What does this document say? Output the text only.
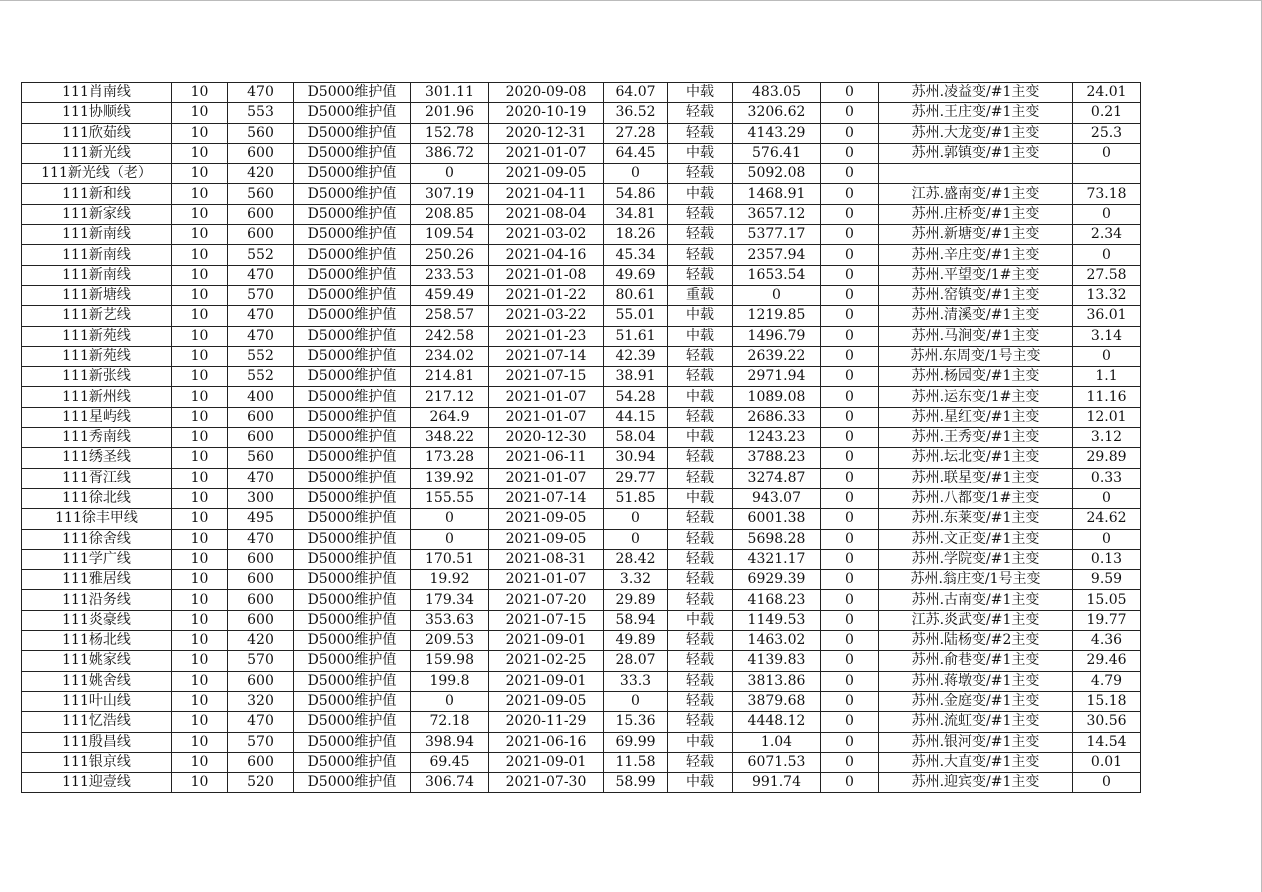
111肖南线	10	470	D5000维护值	301.11	2020-09-08	64.07	中载	483.05	0	苏州.凌益变/#1主变	24.01
111协顺线	10	553	D5000维护值	201.96	2020-10-19	36.52	轻载	3206.62	0	苏州.王庄变/#1主变	0.21
111欣茹线	10	560	D5000维护值	152.78	2020-12-31	27.28	轻载	4143.29	0	苏州.大龙变/#1主变	25.3
111新光线	10	600	D5000维护值	386.72	2021-01-07	64.45	中载	576.41	0	苏州.郭镇变/#1主变	0
111新光线（老）	10	420	D5000维护值	0	2021-09-05	0	轻载	5092.08	0		
111新和线	10	560	D5000维护值	307.19	2021-04-11	54.86	中载	1468.91	0	江苏.盛南变/#1主变	73.18
111新家线	10	600	D5000维护值	208.85	2021-08-04	34.81	轻载	3657.12	0	苏州.庄桥变/#1主变	0
111新南线	10	600	D5000维护值	109.54	2021-03-02	18.26	轻载	5377.17	0	苏州.新塘变/#1主变	2.34
111新南线	10	552	D5000维护值	250.26	2021-04-16	45.34	轻载	2357.94	0	苏州.辛庄变/#1主变	0
111新南线	10	470	D5000维护值	233.53	2021-01-08	49.69	轻载	1653.54	0	苏州.平望变/1#主变	27.58
111新塘线	10	570	D5000维护值	459.49	2021-01-22	80.61	重载	0	0	苏州.窑镇变/#1主变	13.32
111新艺线	10	470	D5000维护值	258.57	2021-03-22	55.01	中载	1219.85	0	苏州.清溪变/#1主变	36.01
111新苑线	10	470	D5000维护值	242.58	2021-01-23	51.61	中载	1496.79	0	苏州.马涧变/#1主变	3.14
111新苑线	10	552	D5000维护值	234.02	2021-07-14	42.39	轻载	2639.22	0	苏州.东周变/1号主变	0
111新张线	10	552	D5000维护值	214.81	2021-07-15	38.91	轻载	2971.94	0	苏州.杨园变/#1主变	1.1
111新州线	10	400	D5000维护值	217.12	2021-01-07	54.28	中载	1089.08	0	苏州.运东变/1#主变	11.16
111星屿线	10	600	D5000维护值	264.9	2021-01-07	44.15	轻载	2686.33	0	苏州.星红变/#1主变	12.01
111秀南线	10	600	D5000维护值	348.22	2020-12-30	58.04	中载	1243.23	0	苏州.王秀变/#1主变	3.12
111绣圣线	10	560	D5000维护值	173.28	2021-06-11	30.94	轻载	3788.23	0	苏州.坛北变/#1主变	29.89
111胥江线	10	470	D5000维护值	139.92	2021-01-07	29.77	轻载	3274.87	0	苏州.联星变/#1主变	0.33
111徐北线	10	300	D5000维护值	155.55	2021-07-14	51.85	中载	943.07	0	苏州.八都变/1#主变	0
111徐丰甲线	10	495	D5000维护值	0	2021-09-05	0	轻载	6001.38	0	苏州.东莱变/#1主变	24.62
111徐舍线	10	470	D5000维护值	0	2021-09-05	0	轻载	5698.28	0	苏州.文正变/#1主变	0
111学广线	10	600	D5000维护值	170.51	2021-08-31	28.42	轻载	4321.17	0	苏州.学院变/#1主变	0.13
111雅居线	10	600	D5000维护值	19.92	2021-01-07	3.32	轻载	6929.39	0	苏州.翁庄变/1号主变	9.59
111沿务线	10	600	D5000维护值	179.34	2021-07-20	29.89	轻载	4168.23	0	苏州.古南变/#1主变	15.05
111炎豪线	10	600	D5000维护值	353.63	2021-07-15	58.94	中载	1149.53	0	江苏.炎武变/#1主变	19.77
111杨北线	10	420	D5000维护值	209.53	2021-09-01	49.89	轻载	1463.02	0	苏州.陆杨变/#2主变	4.36
111姚家线	10	570	D5000维护值	159.98	2021-02-25	28.07	轻载	4139.83	0	苏州.俞巷变/#1主变	29.46
111姚舍线	10	600	D5000维护值	199.8	2021-09-01	33.3	轻载	3813.86	0	苏州.蒋墩变/#1主变	4.79
111叶山线	10	320	D5000维护值	0	2021-09-05	0	轻载	3879.68	0	苏州.金庭变/#1主变	15.18
111忆浩线	10	470	D5000维护值	72.18	2020-11-29	15.36	轻载	4448.12	0	苏州.流虹变/#1主变	30.56
111殷昌线	10	570	D5000维护值	398.94	2021-06-16	69.99	中载	1.04	0	苏州.银河变/#1主变	14.54
111银京线	10	600	D5000维护值	69.45	2021-09-01	11.58	轻载	6071.53	0	苏州.大直变/#1主变	0.01
111迎壹线	10	520	D5000维护值	306.74	2021-07-30	58.99	中载	991.74	0	苏州.迎宾变/#1主变	0
